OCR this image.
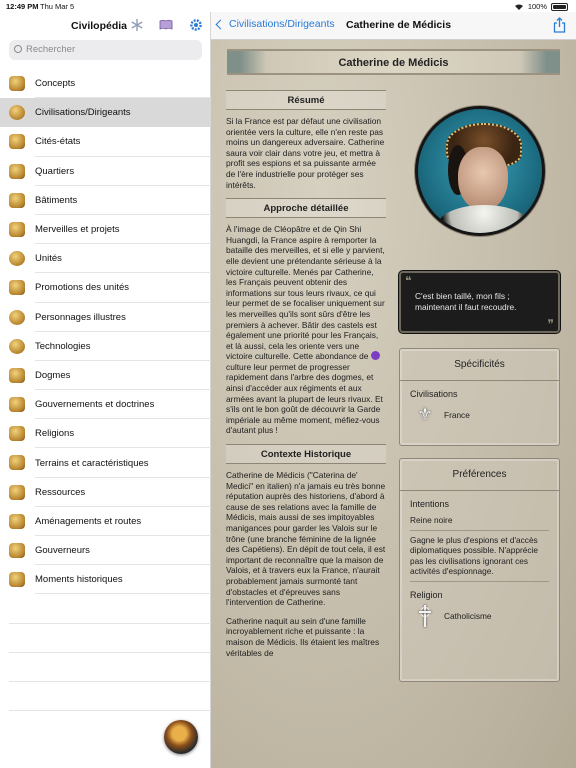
12:49 PM Thu Mar 5	100%
Civilopédia
Rechercher
Concepts
Civilisations/Dirigeants
Cités-états
Quartiers
Bâtiments
Merveilles et projets
Unités
Promotions des unités
Personnages illustres
Technologies
Dogmes
Gouvernements et doctrines
Religions
Terrains et caractéristiques
Ressources
Aménagements et routes
Gouverneurs
Moments historiques
Civilisations/Dirigeants Catherine de Médicis
Catherine de Médicis
Résumé

Si la France est par défaut une civilisation orientée vers la culture, elle n'en reste pas moins un dangereux adversaire. Catherine saura voir clair dans votre jeu, et mettra à profit ses espions et sa puissante armée de l'ère industrielle pour protéger ses intérêts.

Approche détaillée

À l'image de Cléopâtre et de Qin Shi Huangdi, la France aspire à remporter la bataille des merveilles, et si elle y parvient, elle devient une prétendante sérieuse à la victoire culturelle. Menés par Catherine, les Français peuvent obtenir des informations sur tous leurs rivaux, ce qui leur permet de se focaliser uniquement sur les merveilles qu'ils sont sûrs d'être les premiers à achever. Bâtir des castels est également une priorité pour les Français, et là aussi, cela les oriente vers une victoire culturelle. Cette abondance de  culture leur permet de progresser rapidement dans l'arbre des dogmes, et ainsi d'accéder aux régiments et aux armées avant la plupart de leurs rivaux. Et s'ils ont le bon goût de découvrir la Garde impériale au même moment, méfiez-vous d'autant plus !

Contexte Historique

Catherine de Médicis ("Caterina de' Medici" en italien) n'a jamais eu très bonne réputation auprès des historiens, d'abord à cause de ses relations avec la famille de Médicis, mais aussi de ses impitoyables manigances pour garder les Valois sur le trône (une branche féminine de la lignée des Capétiens). En dépit de tout cela, il est important de reconnaître que la maison de Valois, et à travers eux la France, n'aurait probablement jamais surmonté tant d'obstacles et d'épreuves sans l'intervention de Catherine.

Catherine naquit au sein d'une famille incroyablement riche et puissante : la maison de Médicis. Ils étaient les maîtres véritables de

❝
C'est bien taillé, mon fils ; maintenant il faut recoudre.
❞
Spécificités
Civilisations
⚜ France
Préférences
Intentions
Reine noire
Gagne le plus d'espions et d'accès diplomatiques possible. N'apprécie pas les civilisations ignorant ces activités d'espionnage.
Religion
Catholicisme
